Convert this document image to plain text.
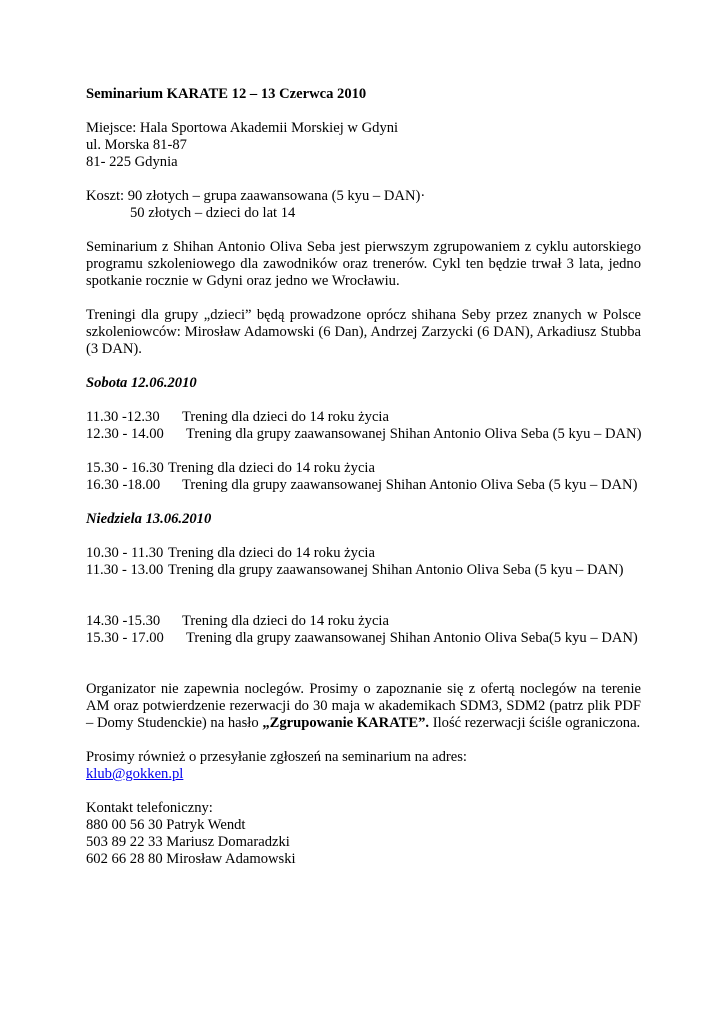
Seminarium KARATE 12 – 13 Czerwca 2010

Miejsce: Hala Sportowa Akademii Morskiej w Gdyni

ul. Morska 81-87

81- 225 Gdynia

Koszt: 90 złotych – grupa zaawansowana (5 kyu – DAN)·

50 złotych – dzieci do lat 14

Seminarium z Shihan Antonio Oliva Seba jest pierwszym zgrupowaniem z cyklu autorskiego programu szkoleniowego dla zawodników oraz trenerów. Cykl ten będzie trwał 3 lata, jedno spotkanie rocznie w Gdyni oraz jedno we Wrocławiu.

Treningi dla grupy „dzieci” będą prowadzone oprócz shihana Seby przez znanych w Polsce szkoleniowców: Mirosław Adamowski (6 Dan), Andrzej Zarzycki (6 DAN), Arkadiusz Stubba (3 DAN).

Sobota 12.06.2010

11.30 -12.30 Trening dla dzieci do 14 roku życia

12.30 - 14.00 Trening dla grupy zaawansowanej Shihan Antonio Oliva Seba (5 kyu – DAN)

15.30 - 16.30 Trening dla dzieci do 14 roku życia

16.30 -18.00 Trening dla grupy zaawansowanej Shihan Antonio Oliva Seba (5 kyu – DAN)

Niedziela 13.06.2010

10.30 - 11.30 Trening dla dzieci do 14 roku życia

11.30 - 13.00 Trening dla grupy zaawansowanej Shihan Antonio Oliva Seba (5 kyu – DAN)

14.30 -15.30 Trening dla dzieci do 14 roku życia

15.30 - 17.00 Trening dla grupy zaawansowanej Shihan Antonio Oliva Seba(5 kyu – DAN)

Organizator nie zapewnia noclegów. Prosimy o zapoznanie się z ofertą noclegów na terenie AM oraz potwierdzenie rezerwacji do 30 maja w akademikach SDM3, SDM2 (patrz plik PDF – Domy Studenckie) na hasło „Zgrupowanie KARATE”. Ilość rezerwacji ściśle ograniczona.

Prosimy również o przesyłanie zgłoszeń na seminarium na adres:

klub@gokken.pl

Kontakt telefoniczny:

880 00 56 30 Patryk Wendt

503 89 22 33 Mariusz Domaradzki

602 66 28 80 Mirosław Adamowski
